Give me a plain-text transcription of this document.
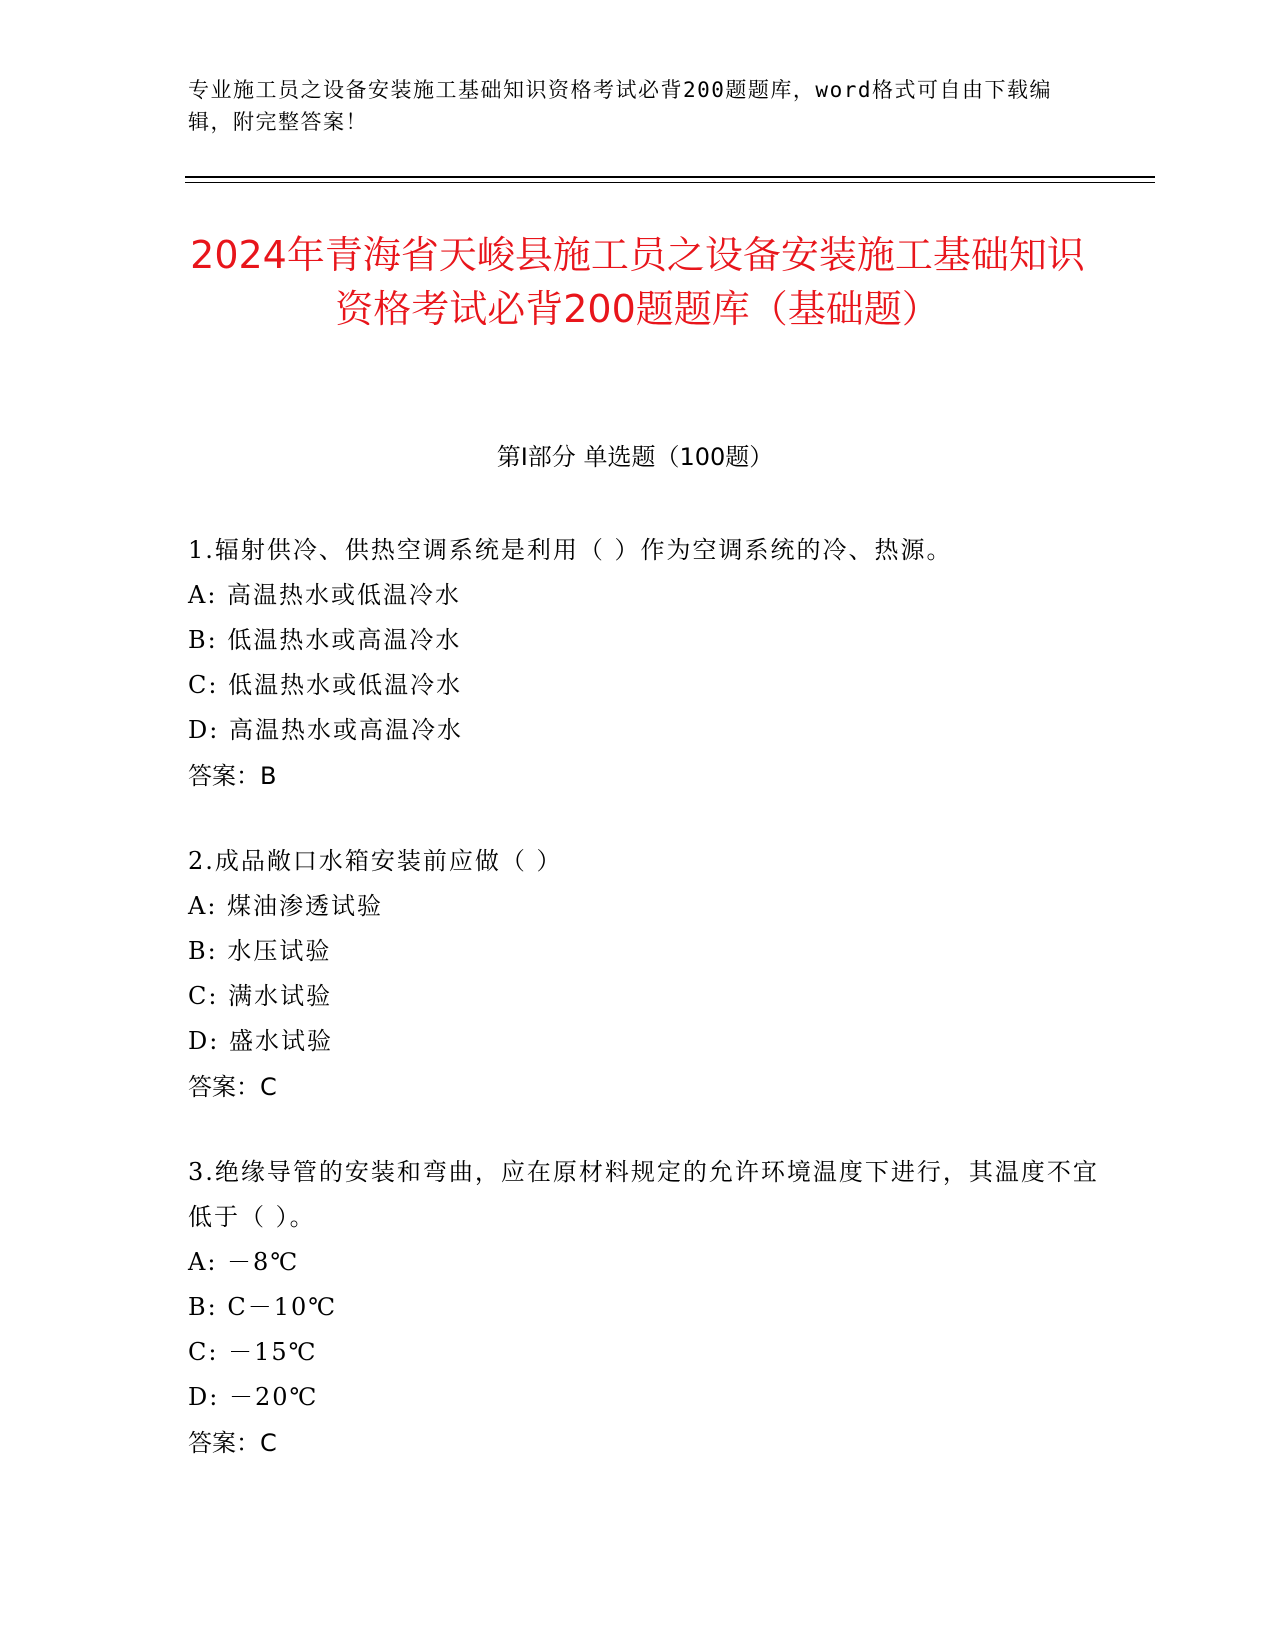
专业施工员之设备安装施工基础知识资格考试必背200题题库，word格式可自由下载编辑，附完整答案！
2024年青海省天峻县施工员之设备安装施工基础知识资格考试必背200题题库（基础题）
第Ⅰ部分 单选题（100题）
1.辐射供冷、供热空调系统是利用（ ）作为空调系统的冷、热源。
A: 高温热水或低温冷水
B: 低温热水或高温冷水
C: 低温热水或低温冷水
D: 高温热水或高温冷水
答案：B
2.成品敞口水箱安装前应做（ ）
A: 煤油渗透试验
B: 水压试验
C: 满水试验
D: 盛水试验
答案：C
3.绝缘导管的安装和弯曲，应在原材料规定的允许环境温度下进行，其温度不宜低于（ ）。
A: －8℃
B: C－10℃
C: －15℃
D: －20℃
答案：C
